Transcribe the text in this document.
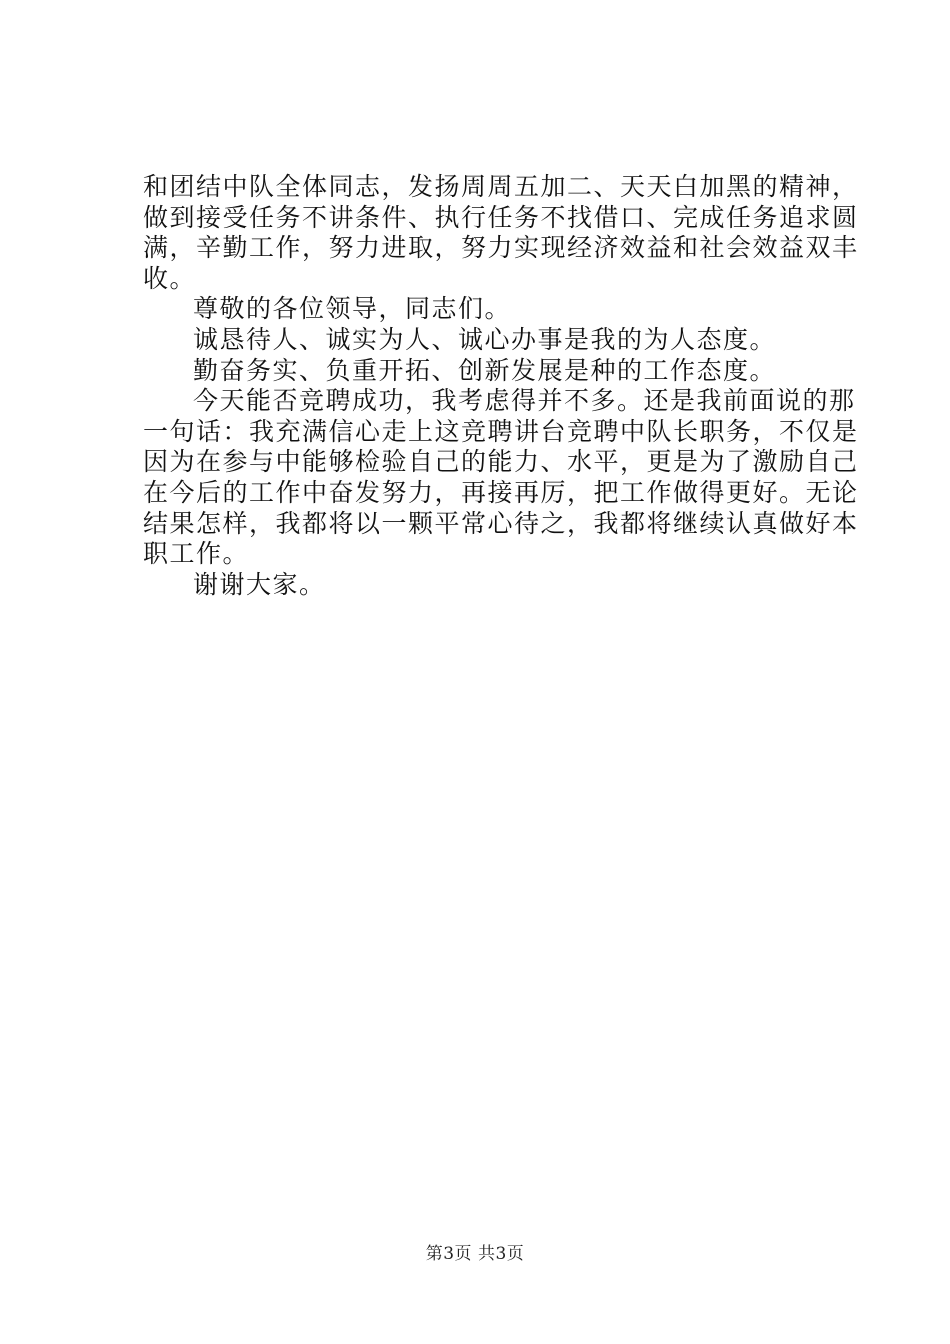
和团结中队全体同志，发扬周周五加二、天天白加黑的精神，
做到接受任务不讲条件、执行任务不找借口、完成任务追求圆
满，辛勤工作，努力进取，努力实现经济效益和社会效益双丰
收。
尊敬的各位领导，同志们。
诚恳待人、诚实为人、诚心办事是我的为人态度。
勤奋务实、负重开拓、创新发展是种的工作态度。
今天能否竞聘成功，我考虑得并不多。还是我前面说的那
一句话：我充满信心走上这竞聘讲台竞聘中队长职务，不仅是
因为在参与中能够检验自己的能力、水平，更是为了激励自己
在今后的工作中奋发努力，再接再厉，把工作做得更好。无论
结果怎样，我都将以一颗平常心待之，我都将继续认真做好本
职工作。
谢谢大家。
第3页 共3页
